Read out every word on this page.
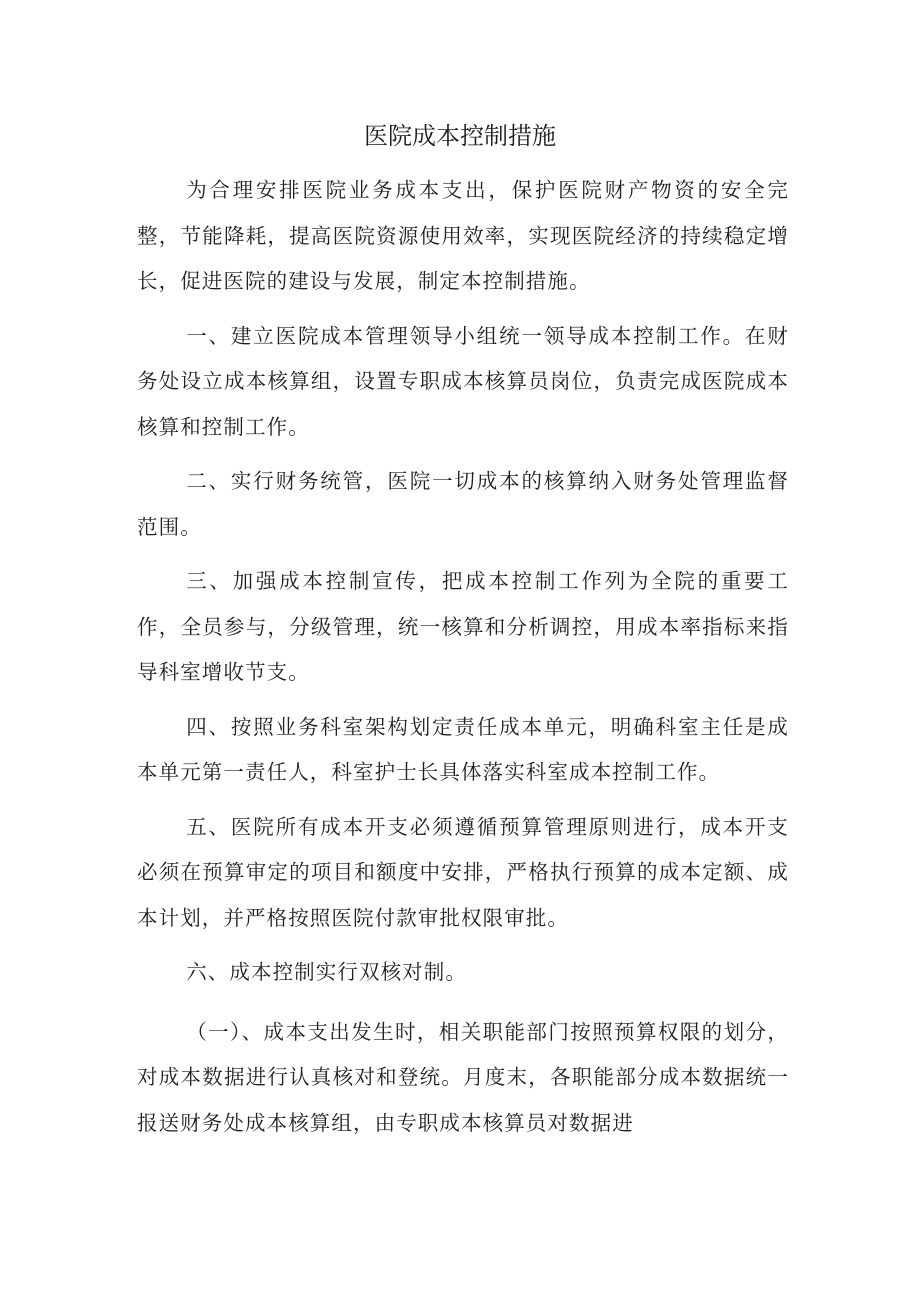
医院成本控制措施

为合理安排医院业务成本支出，保护医院财产物资的安全完整，节能降耗，提高医院资源使用效率，实现医院经济的持续稳定增长，促进医院的建设与发展，制定本控制措施。

一、建立医院成本管理领导小组统一领导成本控制工作。在财务处设立成本核算组，设置专职成本核算员岗位，负责完成医院成本核算和控制工作。

二、实行财务统管，医院一切成本的核算纳入财务处管理监督范围。

三、加强成本控制宣传，把成本控制工作列为全院的重要工作，全员参与，分级管理，统一核算和分析调控，用成本率指标来指导科室增收节支。

四、按照业务科室架构划定责任成本单元，明确科室主任是成本单元第一责任人，科室护士长具体落实科室成本控制工作。

五、医院所有成本开支必须遵循预算管理原则进行，成本开支必须在预算审定的项目和额度中安排，严格执行预算的成本定额、成本计划，并严格按照医院付款审批权限审批。

六、成本控制实行双核对制。

（一）、成本支出发生时，相关职能部门按照预算权限的划分，对成本数据进行认真核对和登统。月度末，各职能部分成本数据统一报送财务处成本核算组，由专职成本核算员对数据进
